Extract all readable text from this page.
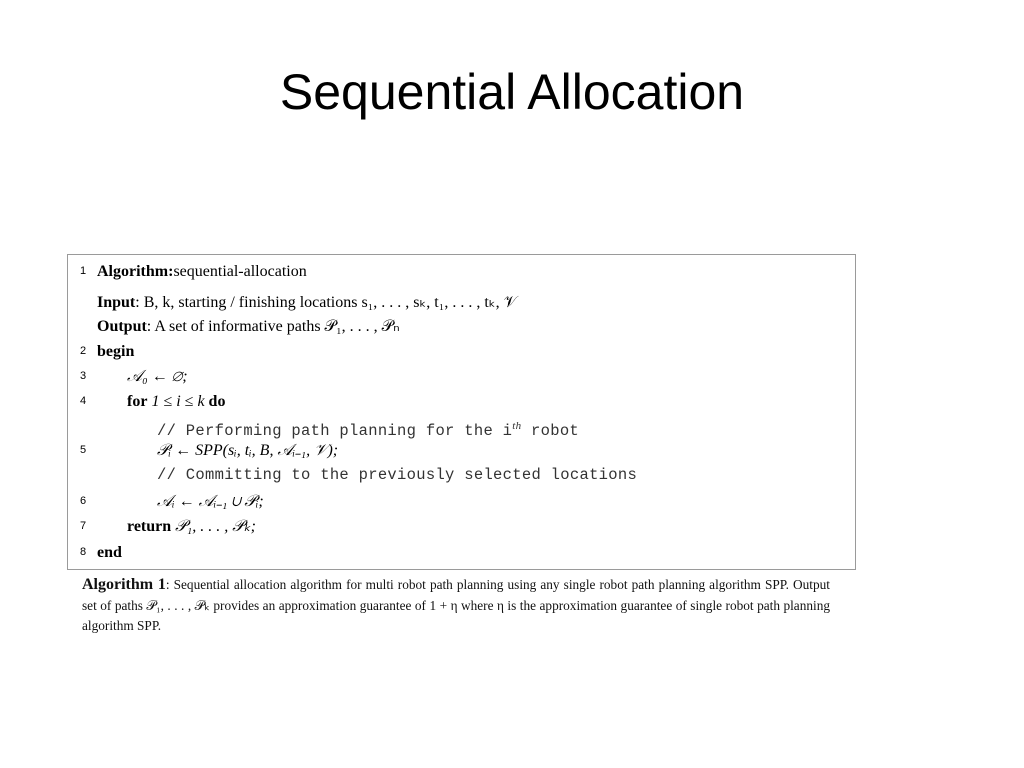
Sequential Allocation
1 Algorithm:sequential-allocation
Input: B, k, starting / finishing locations s₁, . . . , sₖ, t₁, . . . , tₖ, 𝒱
Output: A set of informative paths 𝒫₁, . . . , 𝒫ₙ
2 begin
3	𝒜₀ ← ∅;
4	for 1 ≤ i ≤ k do
// Performing path planning for the $i^{th}$ robot
5	𝒫ᵢ ← SPP(sᵢ, tᵢ, B, 𝒜ᵢ₋₁, 𝒱);
// Committing to the previously selected locations
6	𝒜ᵢ ← 𝒜ᵢ₋₁ ∪ 𝒫ᵢ;
7	return 𝒫₁, . . . , 𝒫ₖ;
8 end
Algorithm 1: Sequential allocation algorithm for multi robot path planning using any single robot path planning algorithm SPP. Output set of paths 𝒫₁, . . . , 𝒫ₖ provides an approximation guarantee of 1 + η where η is the approximation guarantee of single robot path planning algorithm SPP.
